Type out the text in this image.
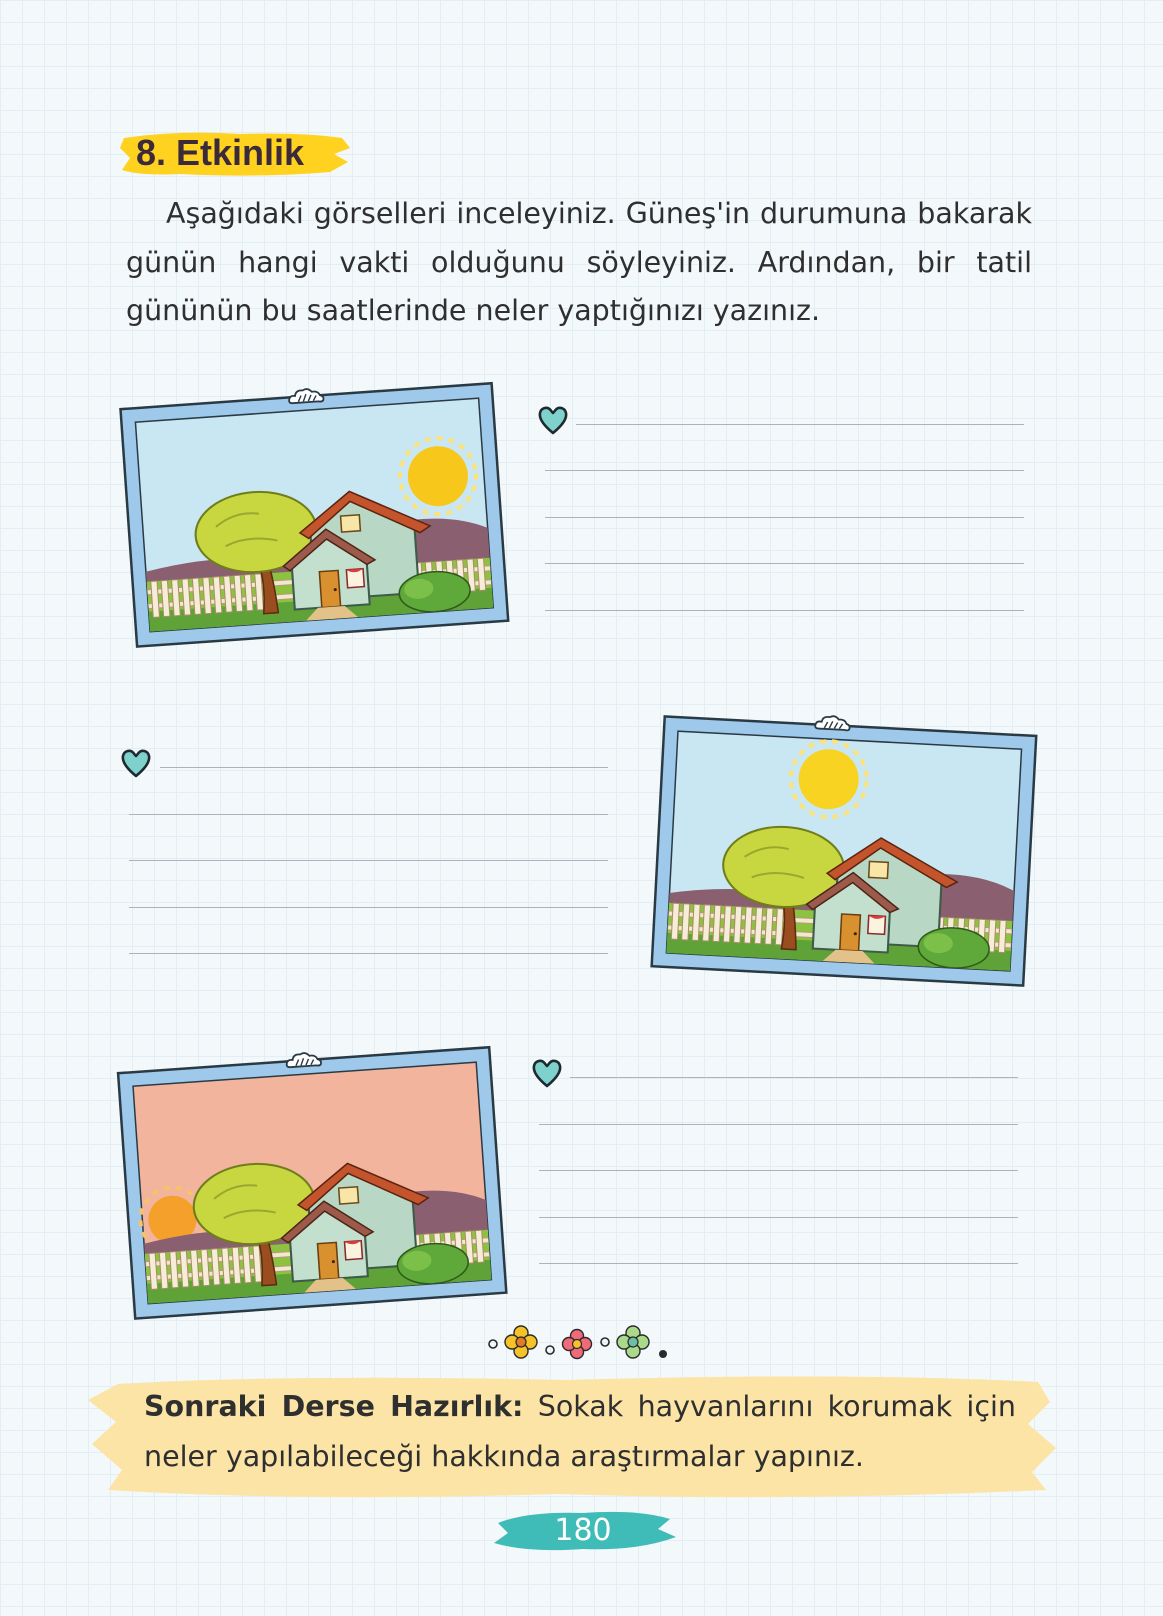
8. Etkinlik

Aşağıdaki görselleri inceleyiniz. Güneş'in durumuna bakarak günün hangi vakti olduğunu söyleyiniz. Ardından, bir tatil gününün bu saatlerinde neler yaptığınızı yazınız.

Sonraki Derse Hazırlık: Sokak hayvanlarını korumak için neler yapılabileceği hakkında araştırmalar yapınız.

180
